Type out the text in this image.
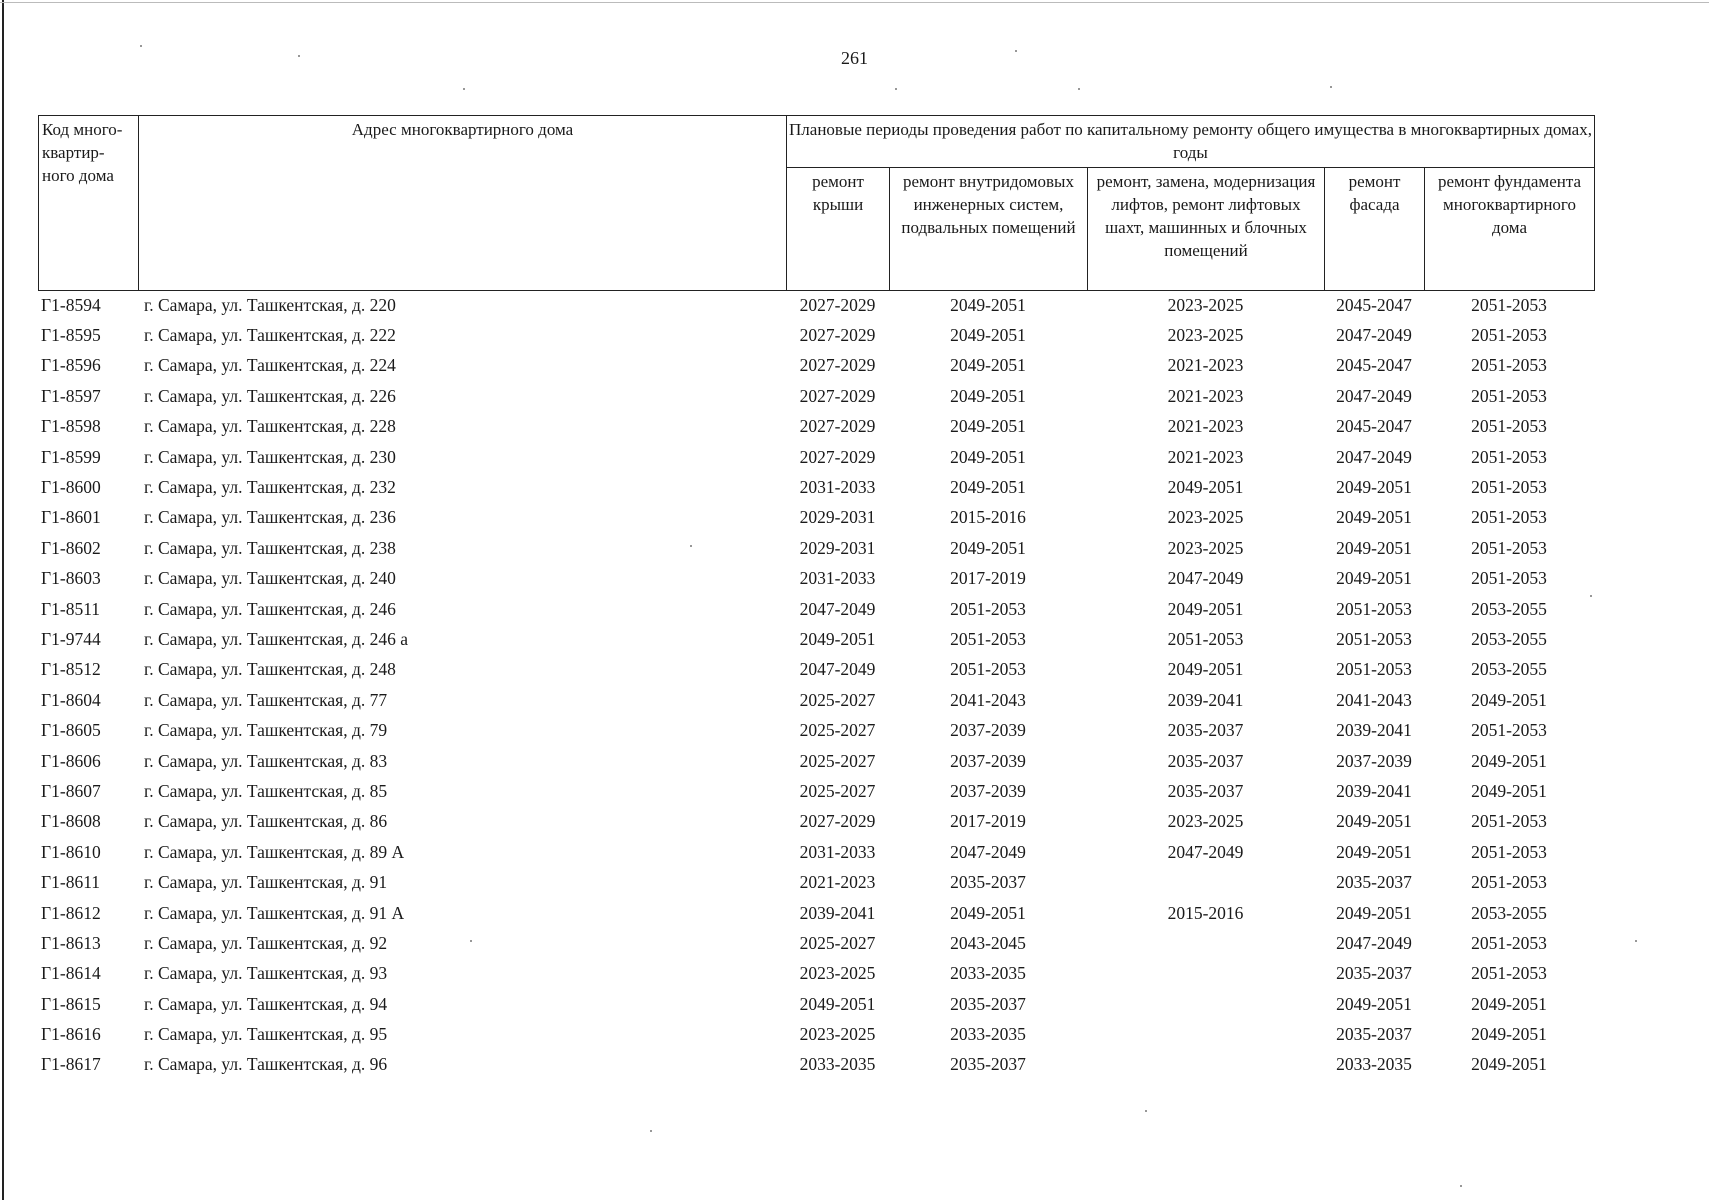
261
Код много-квартир-ного дома	Адрес многоквартирного дома	Плановые периоды проведения работ по капитальному ремонту общего имущества в многоквартирных домах, годы				
		ремонт крыши	ремонт внутридомовых инженерных систем, подвальных помещений	ремонт, замена, модернизация лифтов, ремонт лифтовых шахт, машинных и блочных помещений	ремонт фасада	ремонт фундамента многоквартирного дома
Г1-8594	г. Самара, ул. Ташкентская, д. 220	2027-2029	2049-2051	2023-2025	2045-2047	2051-2053
Г1-8595	г. Самара, ул. Ташкентская, д. 222	2027-2029	2049-2051	2023-2025	2047-2049	2051-2053
Г1-8596	г. Самара, ул. Ташкентская, д. 224	2027-2029	2049-2051	2021-2023	2045-2047	2051-2053
Г1-8597	г. Самара, ул. Ташкентская, д. 226	2027-2029	2049-2051	2021-2023	2047-2049	2051-2053
Г1-8598	г. Самара, ул. Ташкентская, д. 228	2027-2029	2049-2051	2021-2023	2045-2047	2051-2053
Г1-8599	г. Самара, ул. Ташкентская, д. 230	2027-2029	2049-2051	2021-2023	2047-2049	2051-2053
Г1-8600	г. Самара, ул. Ташкентская, д. 232	2031-2033	2049-2051	2049-2051	2049-2051	2051-2053
Г1-8601	г. Самара, ул. Ташкентская, д. 236	2029-2031	2015-2016	2023-2025	2049-2051	2051-2053
Г1-8602	г. Самара, ул. Ташкентская, д. 238	2029-2031	2049-2051	2023-2025	2049-2051	2051-2053
Г1-8603	г. Самара, ул. Ташкентская, д. 240	2031-2033	2017-2019	2047-2049	2049-2051	2051-2053
Г1-8511	г. Самара, ул. Ташкентская, д. 246	2047-2049	2051-2053	2049-2051	2051-2053	2053-2055
Г1-9744	г. Самара, ул. Ташкентская, д. 246 а	2049-2051	2051-2053	2051-2053	2051-2053	2053-2055
Г1-8512	г. Самара, ул. Ташкентская, д. 248	2047-2049	2051-2053	2049-2051	2051-2053	2053-2055
Г1-8604	г. Самара, ул. Ташкентская, д. 77	2025-2027	2041-2043	2039-2041	2041-2043	2049-2051
Г1-8605	г. Самара, ул. Ташкентская, д. 79	2025-2027	2037-2039	2035-2037	2039-2041	2051-2053
Г1-8606	г. Самара, ул. Ташкентская, д. 83	2025-2027	2037-2039	2035-2037	2037-2039	2049-2051
Г1-8607	г. Самара, ул. Ташкентская, д. 85	2025-2027	2037-2039	2035-2037	2039-2041	2049-2051
Г1-8608	г. Самара, ул. Ташкентская, д. 86	2027-2029	2017-2019	2023-2025	2049-2051	2051-2053
Г1-8610	г. Самара, ул. Ташкентская, д. 89 А	2031-2033	2047-2049	2047-2049	2049-2051	2051-2053
Г1-8611	г. Самара, ул. Ташкентская, д. 91	2021-2023	2035-2037		2035-2037	2051-2053
Г1-8612	г. Самара, ул. Ташкентская, д. 91 А	2039-2041	2049-2051	2015-2016	2049-2051	2053-2055
Г1-8613	г. Самара, ул. Ташкентская, д. 92	2025-2027	2043-2045		2047-2049	2051-2053
Г1-8614	г. Самара, ул. Ташкентская, д. 93	2023-2025	2033-2035		2035-2037	2051-2053
Г1-8615	г. Самара, ул. Ташкентская, д. 94	2049-2051	2035-2037		2049-2051	2049-2051
Г1-8616	г. Самара, ул. Ташкентская, д. 95	2023-2025	2033-2035		2035-2037	2049-2051
Г1-8617	г. Самара, ул. Ташкентская, д. 96	2033-2035	2035-2037		2033-2035	2049-2051
